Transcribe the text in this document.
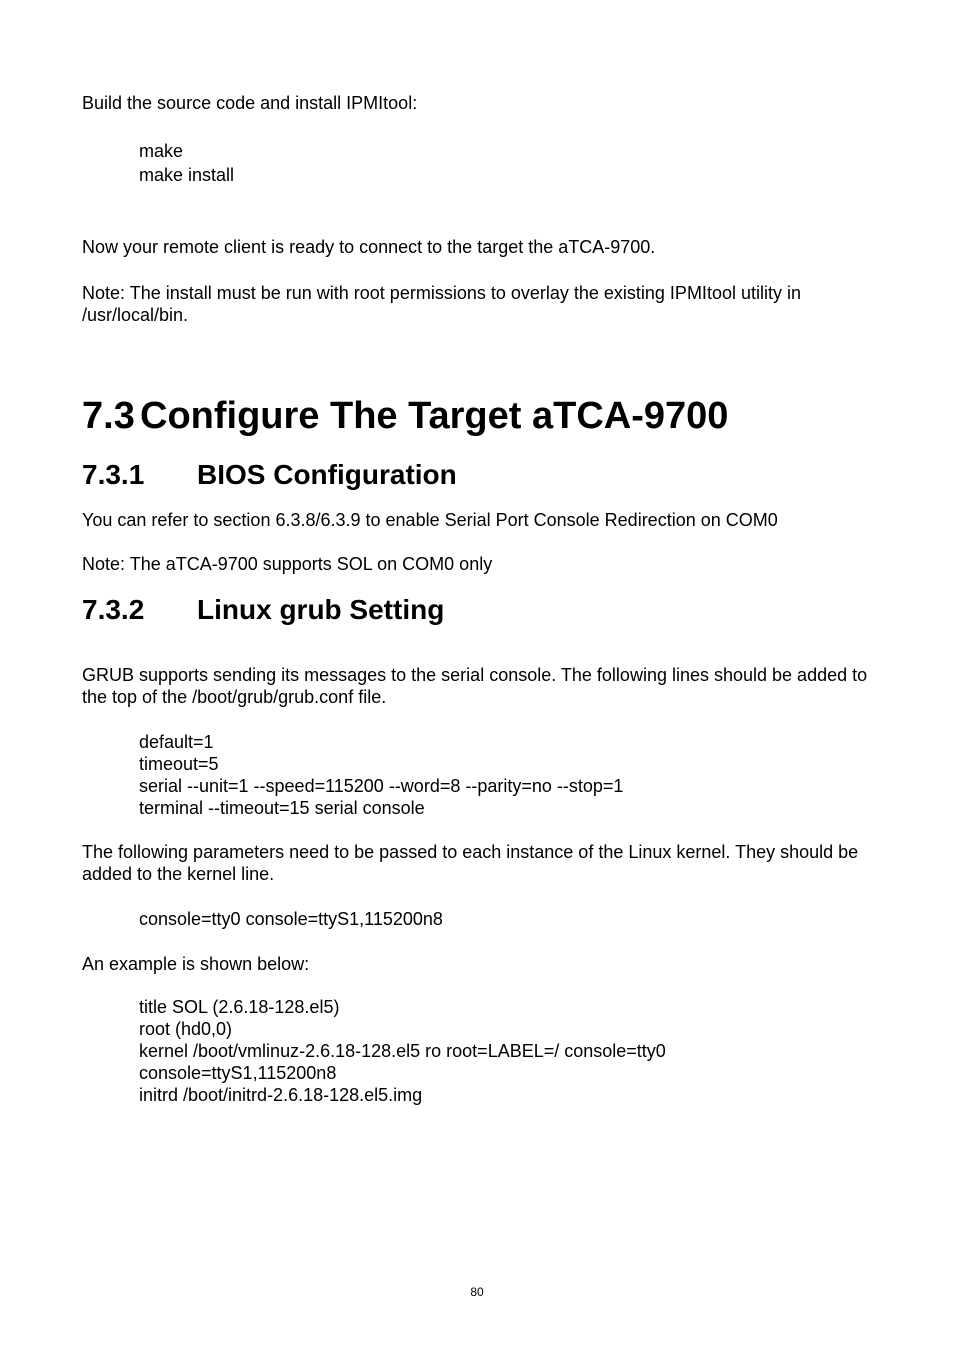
Build the source code and install IPMItool:

make

make install

Now your remote client is ready to connect to the target the aTCA-9700.

Note: The install must be run with root permissions to overlay the existing IPMItool utility in /usr/local/bin.

7.3 Configure The Target aTCA-9700
7.3.1 BIOS Configuration

You can refer to section 6.3.8/6.3.9 to enable Serial Port Console Redirection on COM0

Note: The aTCA-9700 supports SOL on COM0 only

7.3.2 Linux grub Setting

GRUB supports sending its messages to the serial console. The following lines should be added to the top of the /boot/grub/grub.conf file.

default=1

timeout=5

serial --unit=1 --speed=115200 --word=8 --parity=no --stop=1

terminal --timeout=15 serial console

The following parameters need to be passed to each instance of the Linux kernel. They should be added to the kernel line.

console=tty0 console=ttyS1,115200n8

An example is shown below:

title SOL (2.6.18-128.el5)

root (hd0,0)

kernel /boot/vmlinuz-2.6.18-128.el5 ro root=LABEL=/ console=tty0

console=ttyS1,115200n8

initrd /boot/initrd-2.6.18-128.el5.img

80
